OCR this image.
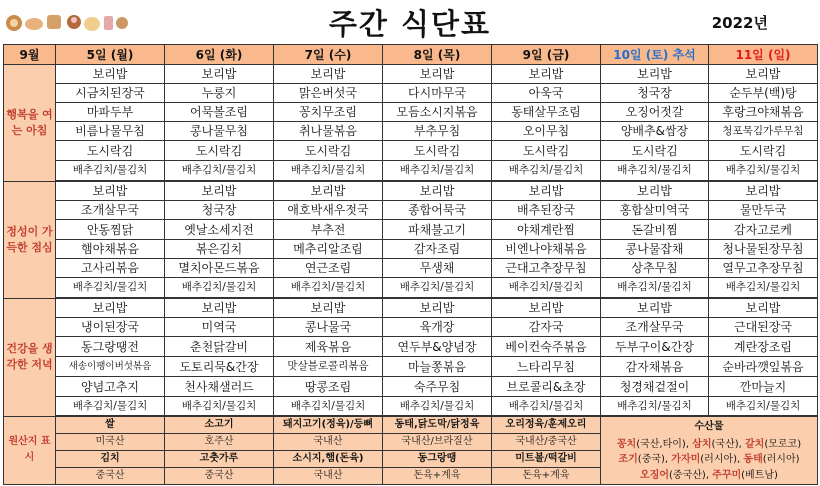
주간 식단표	2022년
9월	5일 (월)	6일 (화)	7일 (수)	8일 (목)	9일 (금)	10일 (토) 추석	11일 (일)
행복을 여는 아침	보리밥	보리밥	보리밥	보리밥	보리밥	보리밥	보리밥
	시금치된장국	누룽지	맑은버섯국	다시마무국	아욱국	청국장	순두부(백)탕
	마파두부	어묵볼조림	꽁치무조림	모듬소시지볶음	동태살무조림	오징어젓갈	후랑크야채볶음
	비름나물무침	콩나물무침	취나물볶음	부추무침	오이무침	양배추&쌈장	청포묵김가루무침
	도시락김	도시락김	도시락김	도시락김	도시락김	도시락김	도시락김
	배추김치/물김치	배추김치/물김치	배추김치/물김치	배추김치/물김치	배추김치/물김치	배추김치/물김치	배추김치/물김치
정성이 가득한 점심	보리밥	보리밥	보리밥	보리밥	보리밥	보리밥	보리밥
	조개살무국	청국장	애호박새우젓국	종합어묵국	배추된장국	홍합살미역국	물만두국
	안동찜닭	옛날소세지전	부추전	파채불고기	야채계란찜	돈갈비찜	감자고로케
	햄야채볶음	볶은김치	메추리알조림	감자조림	비엔나야채볶음	콩나물잡채	청나물된장무침
	고사리볶음	멸치아몬드볶음	연근조림	무생채	근대고추장무침	상추무침	열무고추장무침
	배추김치/물김치	배추김치/물김치	배추김치/물김치	배추김치/물김치	배추김치/물김치	배추김치/물김치	배추김치/물김치
건강을 생각한 저녁	보리밥	보리밥	보리밥	보리밥	보리밥	보리밥	보리밥
	냉이된장국	미역국	콩나물국	육개장	감자국	조개살무국	근대된장국
	동그랑땡전	춘천닭갈비	제육볶음	연두부&양념장	베이컨숙주볶음	두부구이&간장	계란장조림
	새송이팽이버섯볶음	도토리묵&간장	맛살블로콜리볶음	마늘쫑볶음	느타리무침	감자채볶음	순바라깻잎볶음
	양념고추지	천사채샐러드	땅콩조림	숙주무침	브로콜리&초장	청경채겉절이	깐마늘지
	배추김치/물김치	배추김치/물김치	배추김치/물김치	배추김치/물김치	배추김치/물김치	배추김치/물김치	배추김치/물김치
원산지 표시	쌀	소고기	돼지고기(정육)/등뼈	동태,닭도막/닭정육	오리정육/훈제오리	수산물
꽁치(국산,타이), 삼치(국산), 갈치(모로코)
조기(중국), 가자미(러시아), 동태(러시아)
오징어(중국산), 주꾸미(베트남)	

	미국산	호주산	국내산	국내산/브라질산	국내산/중국산		
	김치	고춧가루	소시지,햄(돈육)	동그랑땡	미트볼/떡갈비		
	중국산	중국산	국내산	돈육+계육	돈육+계육		
